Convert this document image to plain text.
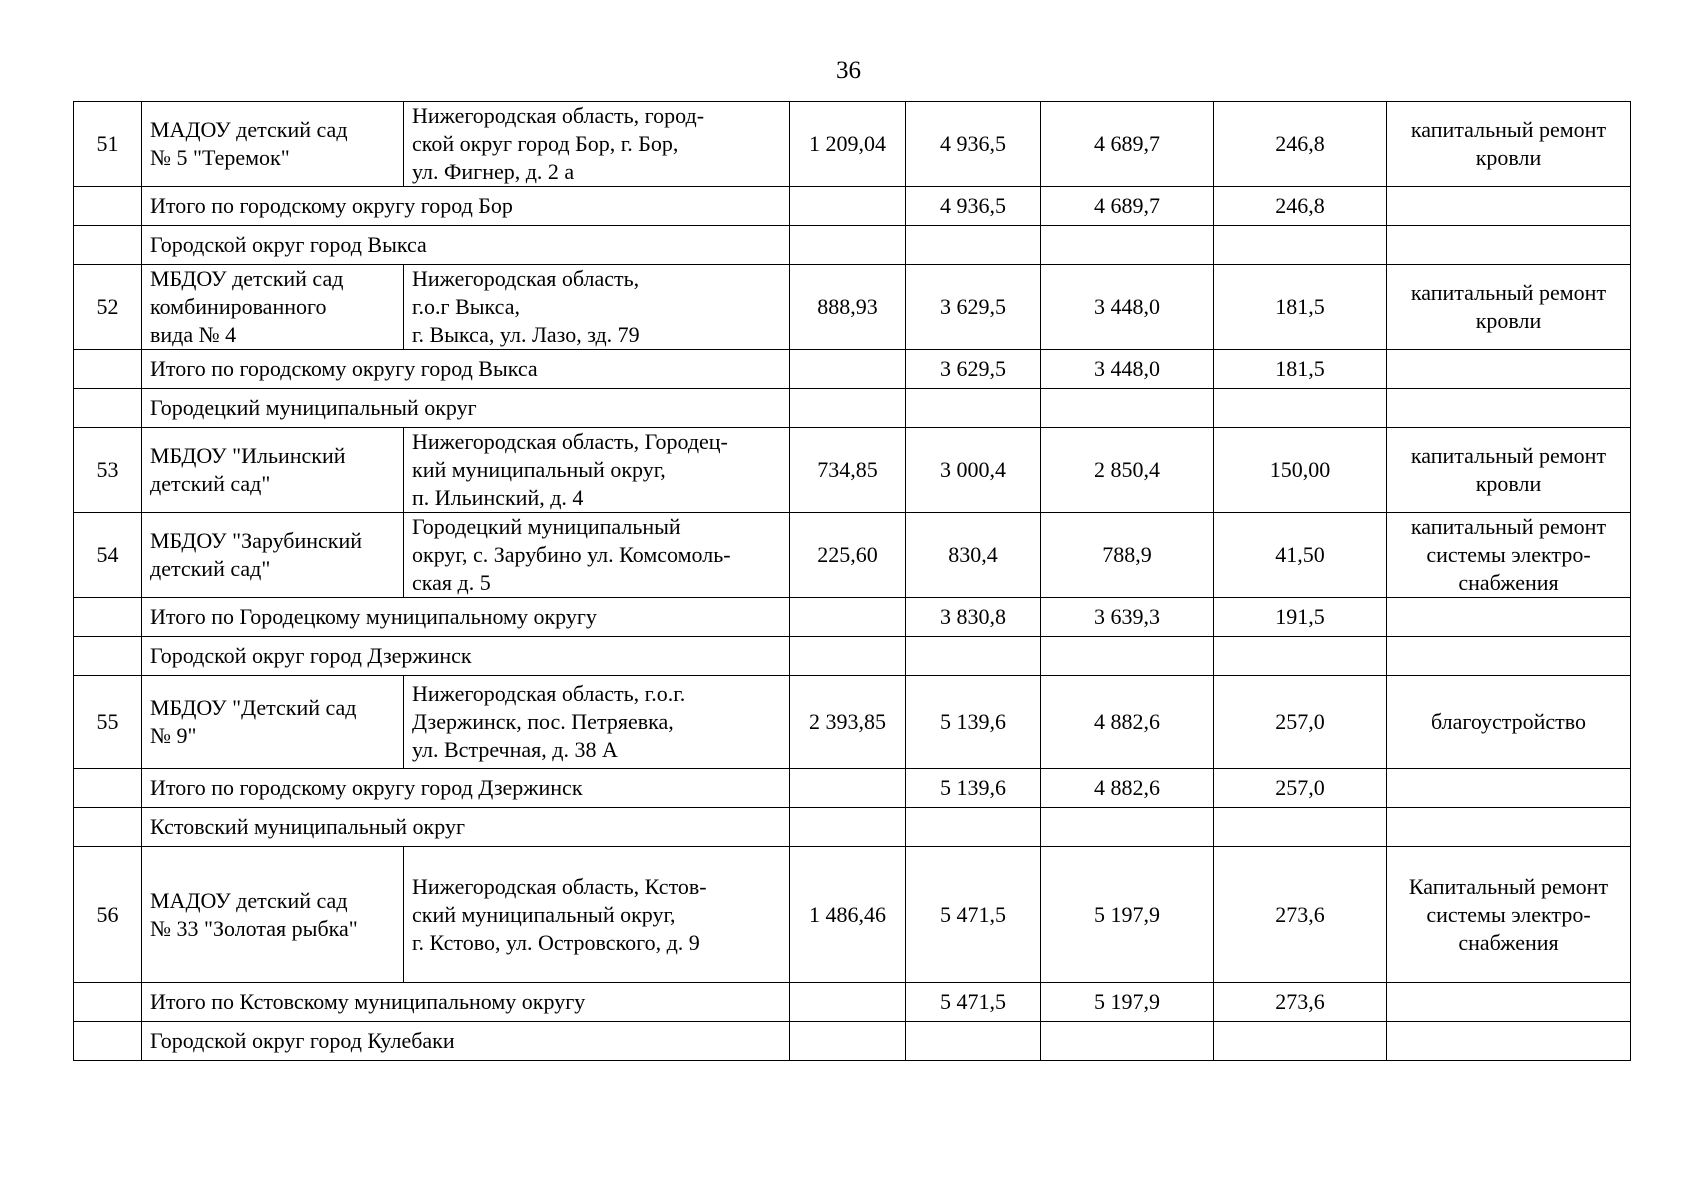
36
51	МАДОУ детский сад
№ 5 "Теремок"	Нижегородская область, город-
ской округ город Бор, г. Бор,
ул. Фигнер, д. 2 а	1 209,04	4 936,5	4 689,7	246,8	капитальный ремонт
кровли
	Итого по городскому округу город Бор			4 936,5	4 689,7	246,8	
	Городской округ город Выкса						
52	МБДОУ детский сад
комбинированного
вида № 4	Нижегородская область,
г.о.г Выкса,
г. Выкса, ул. Лазо, зд. 79	888,93	3 629,5	3 448,0	181,5	капитальный ремонт
кровли
	Итого по городскому округу город Выкса			3 629,5	3 448,0	181,5	
	Городецкий муниципальный округ						
53	МБДОУ "Ильинский
детский сад"	Нижегородская область, Городец-
кий муниципальный округ,
п. Ильинский, д. 4	734,85	3 000,4	2 850,4	150,00	капитальный ремонт
кровли
54	МБДОУ "Зарубинский
детский сад"	Городецкий муниципальный
округ, с. Зарубино ул. Комсомоль-
ская д. 5	225,60	830,4	788,9	41,50	капитальный ремонт
системы электро-
снабжения
	Итого по Городецкому муниципальному округу			3 830,8	3 639,3	191,5	
	Городской округ город Дзержинск						
55	МБДОУ "Детский сад
№ 9"	Нижегородская область, г.о.г.
Дзержинск, пос. Петряевка,
ул. Встречная, д. 38 А	2 393,85	5 139,6	4 882,6	257,0	благоустройство
	Итого по городскому округу город Дзержинск			5 139,6	4 882,6	257,0	
	Кстовский муниципальный округ						
56	МАДОУ детский сад
№ 33 "Золотая рыбка"	Нижегородская область, Кстов-
ский муниципальный округ,
г. Кстово, ул. Островского, д. 9	1 486,46	5 471,5	5 197,9	273,6	Капитальный ремонт
системы электро-
снабжения
	Итого по Кстовскому муниципальному округу			5 471,5	5 197,9	273,6	
	Городской округ город Кулебаки						
